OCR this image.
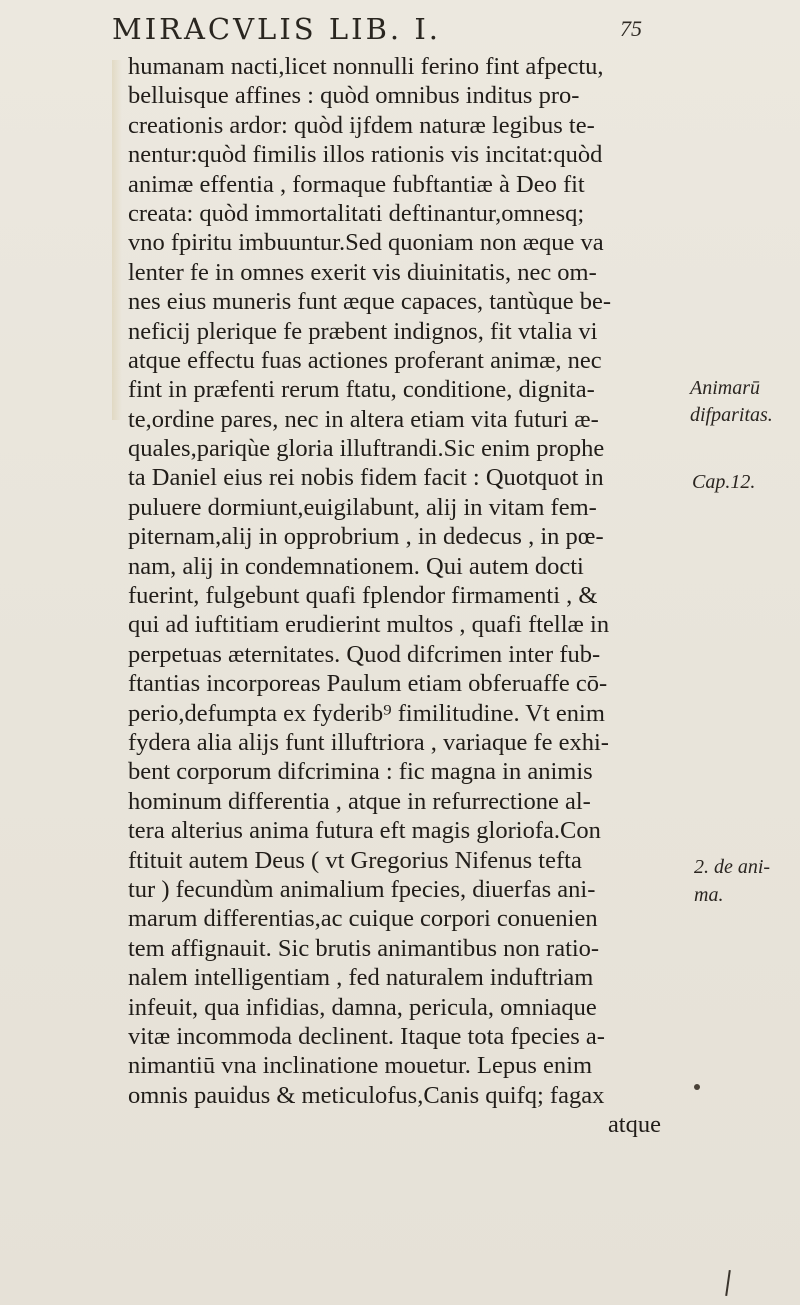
MIRACVLIS LIB. I.	75
humanam nacti,licet nonnulli ferino fint afpectu,
belluisque affines : quòd omnibus inditus pro-
creationis ardor: quòd ijfdem naturæ legibus te-
nentur:quòd fimilis illos rationis vis incitat:quòd
animæ effentia , formaque fubftantiæ à Deo fit
creata: quòd immortalitati deftinantur,omnesq;
vno fpiritu imbuuntur.Sed quoniam non æque va
lenter fe in omnes exerit vis diuinitatis, nec om-
nes eius muneris funt æque capaces, tantùque be-
neficij plerique fe præbent indignos, fit vtalia vi
atque effectu fuas actiones proferant animæ, nec
fint in præfenti rerum ftatu, conditione, dignita-
te,ordine pares, nec in altera etiam vita futuri æ-
quales,pariqùe gloria illuftrandi.Sic enim prophe
ta Daniel eius rei nobis fidem facit : Quotquot in
puluere dormiunt,euigilabunt, alij in vitam fem-
piternam,alij in opprobrium , in dedecus , in pœ-
nam, alij in condemnationem. Qui autem docti
fuerint, fulgebunt quafi fplendor firmamenti , &
qui ad iuftitiam erudierint multos , quafi ftellæ in
perpetuas æternitates. Quod difcrimen inter fub-
ftantias incorporeas Paulum etiam obferuaffe cō-
perio,defumpta ex fyderib⁹ fimilitudine. Vt enim
fydera alia alijs funt illuftriora , variaque fe exhi-
bent corporum difcrimina : fic magna in animis
hominum differentia , atque in refurrectione al-
tera alterius anima futura eft magis gloriofa.Con
ftituit autem Deus ( vt Gregorius Nifenus tefta
tur ) fecundùm animalium fpecies, diuerfas ani-
marum differentias,ac cuique corpori conuenien
tem affignauit. Sic brutis animantibus non ratio-
nalem intelligentiam , fed naturalem induftriam
infeuit, qua infidias, damna, pericula, omniaque
vitæ incommoda declinent. Itaque tota fpecies a-
nimantiū vna inclinatione mouetur. Lepus enim
omnis pauidus & meticulofus,Canis quifq; fagax
atque
Animarū
difparitas.
Cap.12.
2. de ani-
ma.
